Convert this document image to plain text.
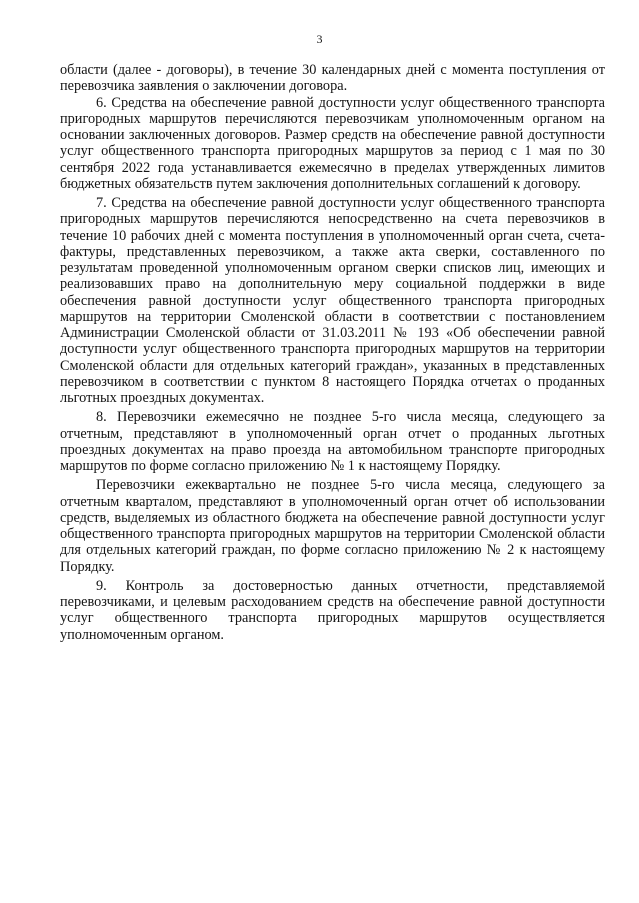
3

области (далее - договоры), в течение 30 календарных дней с момента поступления от перевозчика заявления о заключении договора.

6. Средства на обеспечение равной доступности услуг общественного транспорта пригородных маршрутов перечисляются перевозчикам уполномоченным органом на основании заключенных договоров. Размер средств на обеспечение равной доступности услуг общественного транспорта пригородных маршрутов за период с 1 мая по 30 сентября 2022 года устанавливается ежемесячно в пределах утвержденных лимитов бюджетных обязательств путем заключения дополнительных соглашений к договору.

7. Средства на обеспечение равной доступности услуг общественного транспорта пригородных маршрутов перечисляются непосредственно на счета перевозчиков в течение 10 рабочих дней с момента поступления в уполномоченный орган счета, счета-фактуры, представленных перевозчиком, а также акта сверки, составленного по результатам проведенной уполномоченным органом сверки списков лиц, имеющих и реализовавших право на дополнительную меру социальной поддержки в виде обеспечения равной доступности услуг общественного транспорта пригородных маршрутов на территории Смоленской области в соответствии с постановлением Администрации Смоленской области от 31.03.2011 № 193 «Об обеспечении равной доступности услуг общественного транспорта пригородных маршрутов на территории Смоленской области для отдельных категорий граждан», указанных в представленных перевозчиком в соответствии с пунктом 8 настоящего Порядка отчетах о проданных льготных проездных документах.

8. Перевозчики ежемесячно не позднее 5-го числа месяца, следующего за отчетным, представляют в уполномоченный орган отчет о проданных льготных проездных документах на право проезда на автомобильном транспорте пригородных маршрутов по форме согласно приложению № 1 к настоящему Порядку.

Перевозчики ежеквартально не позднее 5-го числа месяца, следующего за отчетным кварталом, представляют в уполномоченный орган отчет об использовании средств, выделяемых из областного бюджета на обеспечение равной доступности услуг общественного транспорта пригородных маршрутов на территории Смоленской области для отдельных категорий граждан, по форме согласно приложению № 2 к настоящему Порядку.

9. Контроль за достоверностью данных отчетности, представляемой перевозчиками, и целевым расходованием средств на обеспечение равной доступности услуг общественного транспорта пригородных маршрутов осуществляется уполномоченным органом.
